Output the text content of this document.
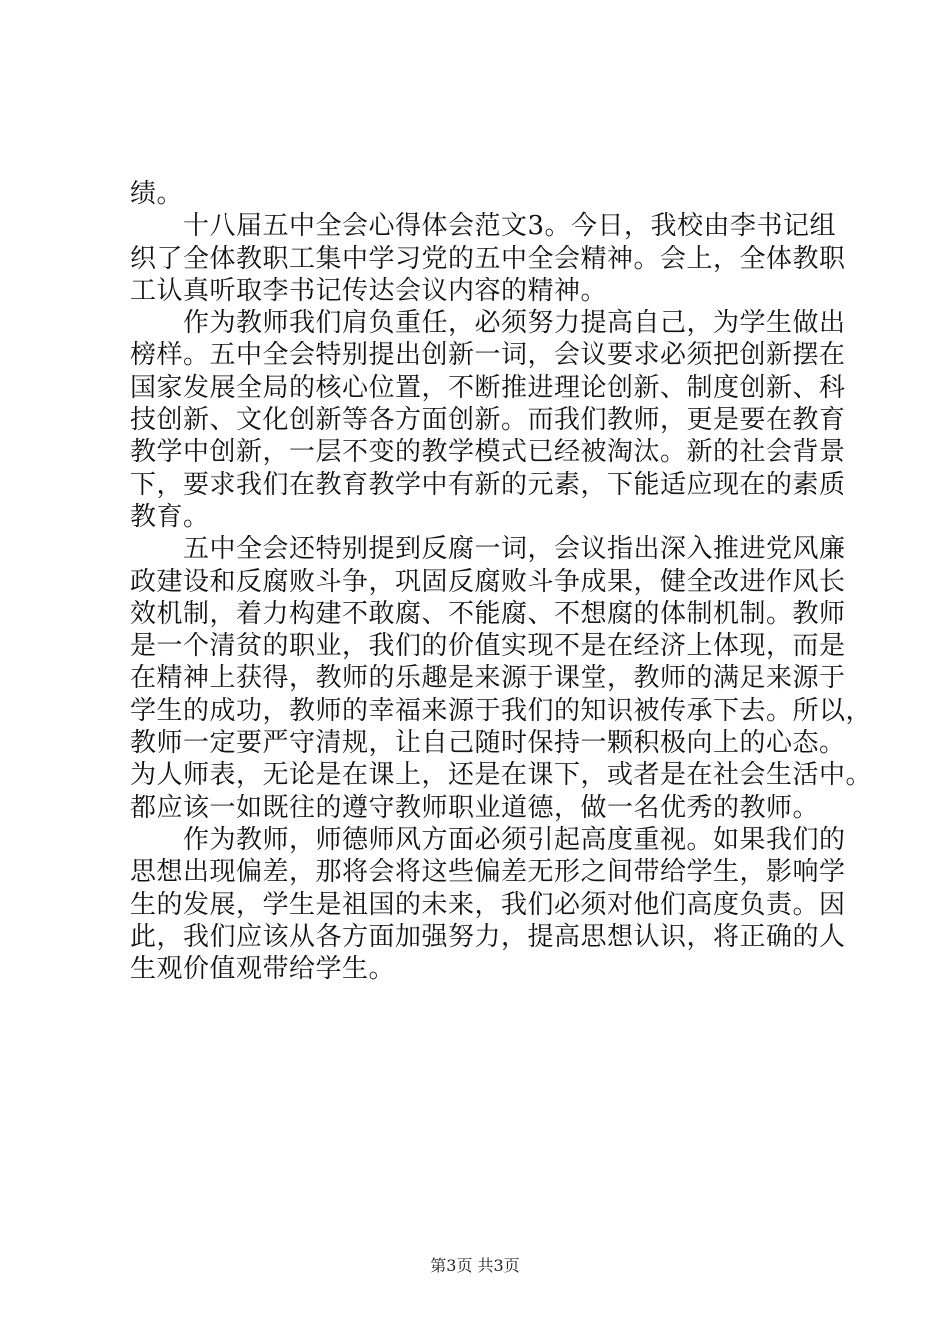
绩。
十八届五中全会心得体会范文3。今日，我校由李书记组
织了全体教职工集中学习党的五中全会精神。会上，全体教职
工认真听取李书记传达会议内容的精神。
作为教师我们肩负重任，必须努力提高自己，为学生做出
榜样。五中全会特别提出创新一词，会议要求必须把创新摆在
国家发展全局的核心位置，不断推进理论创新、制度创新、科
技创新、文化创新等各方面创新。而我们教师，更是要在教育
教学中创新，一层不变的教学模式已经被淘汰。新的社会背景
下，要求我们在教育教学中有新的元素，下能适应现在的素质
教育。
五中全会还特别提到反腐一词，会议指出深入推进党风廉
政建设和反腐败斗争，巩固反腐败斗争成果，健全改进作风长
效机制，着力构建不敢腐、不能腐、不想腐的体制机制。教师
是一个清贫的职业，我们的价值实现不是在经济上体现，而是
在精神上获得，教师的乐趣是来源于课堂，教师的满足来源于
学生的成功，教师的幸福来源于我们的知识被传承下去。所以，
教师一定要严守清规，让自己随时保持一颗积极向上的心态。
为人师表，无论是在课上，还是在课下，或者是在社会生活中。
都应该一如既往的遵守教师职业道德，做一名优秀的教师。
作为教师，师德师风方面必须引起高度重视。如果我们的
思想出现偏差，那将会将这些偏差无形之间带给学生，影响学
生的发展，学生是祖国的未来，我们必须对他们高度负责。因
此，我们应该从各方面加强努力，提高思想认识，将正确的人
生观价值观带给学生。
第3页 共3页
